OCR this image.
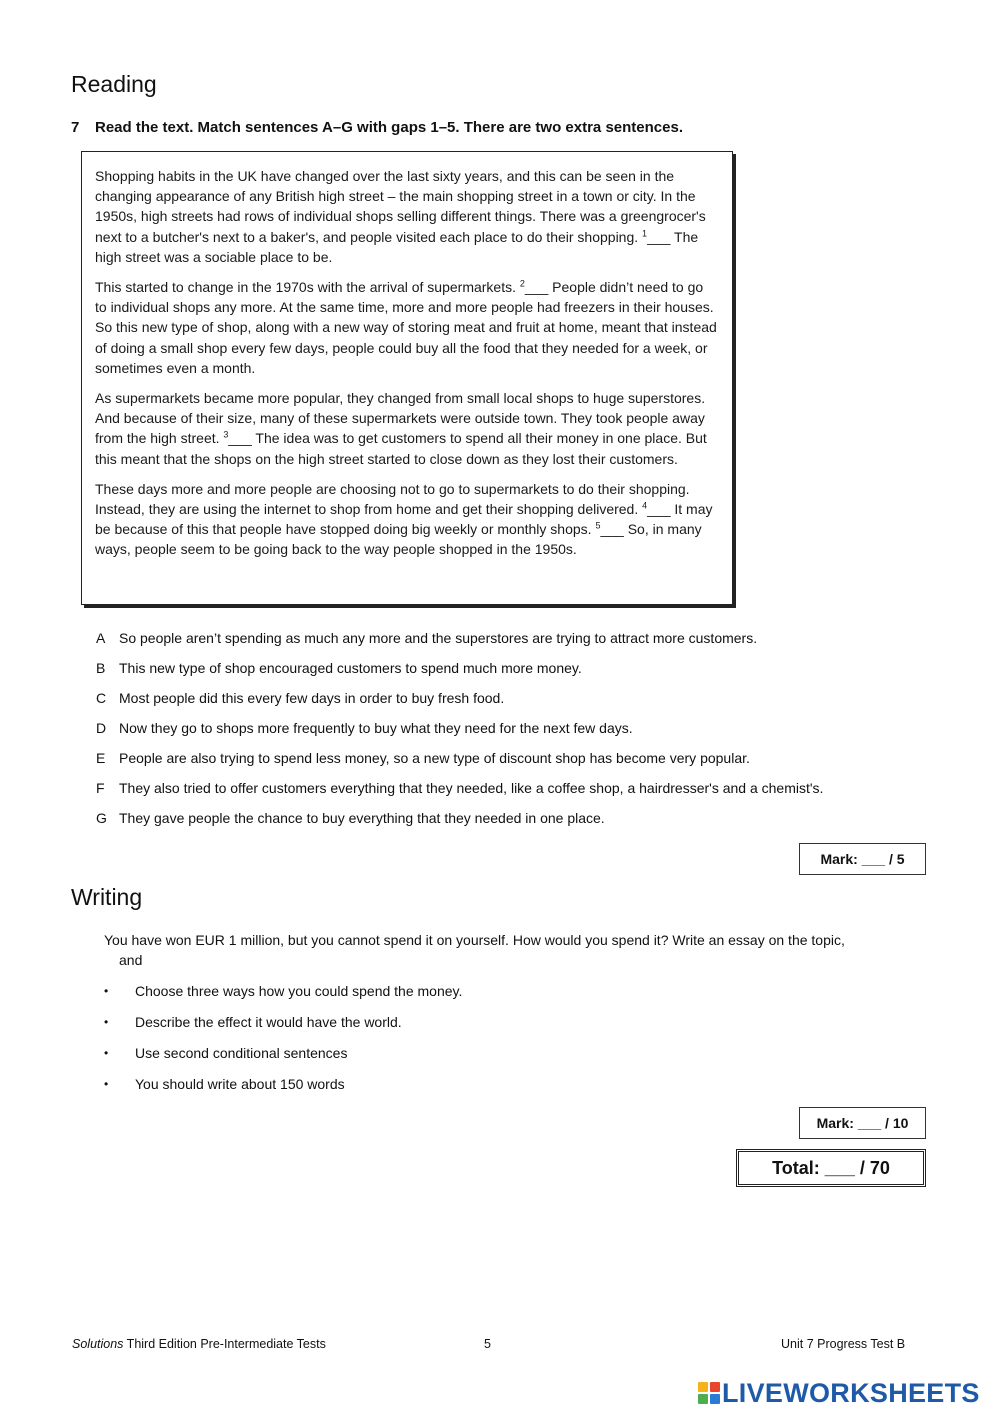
Reading
7 Read the text. Match sentences A–G with gaps 1–5. There are two extra sentences.

Shopping habits in the UK have changed over the last sixty years, and this can be seen in the changing appearance of any British high street – the main shopping street in a town or city. In the 1950s, high streets had rows of individual shops selling different things. There was a greengrocer's next to a butcher's next to a baker's, and people visited each place to do their shopping. $^1$___ The high street was a sociable place to be.

This started to change in the 1970s with the arrival of supermarkets. $^2$___ People didn’t need to go to individual shops any more. At the same time, more and more people had freezers in their houses. So this new type of shop, along with a new way of storing meat and fruit at home, meant that instead of doing a small shop every few days, people could buy all the food that they needed for a week, or sometimes even a month.

As supermarkets became more popular, they changed from small local shops to huge superstores. And because of their size, many of these supermarkets were outside town. They took people away from the high street. $^3$___ The idea was to get customers to spend all their money in one place. But this meant that the shops on the high street started to close down as they lost their customers.

These days more and more people are choosing not to go to supermarkets to do their shopping. Instead, they are using the internet to shop from home and get their shopping delivered. $^4$___ It may be because of this that people have stopped doing big weekly or monthly shops. $^5$___ So, in many ways, people seem to be going back to the way people shopped in the 1950s.

A So people aren’t spending as much any more and the superstores are trying to attract more customers.
B This new type of shop encouraged customers to spend much more money.
C Most people did this every few days in order to buy fresh food.
D Now they go to shops more frequently to buy what they need for the next few days.
E People are also trying to spend less money, so a new type of discount shop has become very popular.
F	They also tried to offer customers everything that they needed, like a coffee shop, a hairdresser's and a chemist's.
G They gave people the chance to buy everything that they needed in one place.
Mark: ___ / 5
Writing
You have won EUR 1 million, but you cannot spend it on yourself. How would you spend it? Write an essay on the topic,
and
•	Choose three ways how you could spend the money.
•	Describe the effect it would have the world.
•	Use second conditional sentences
•	You should write about 150 words
Mark: ___ / 10
Total: ___ / 70
Solutions Third Edition Pre-Intermediate Tests	5	Unit 7 Progress Test B
LIVEWORKSHEETS
